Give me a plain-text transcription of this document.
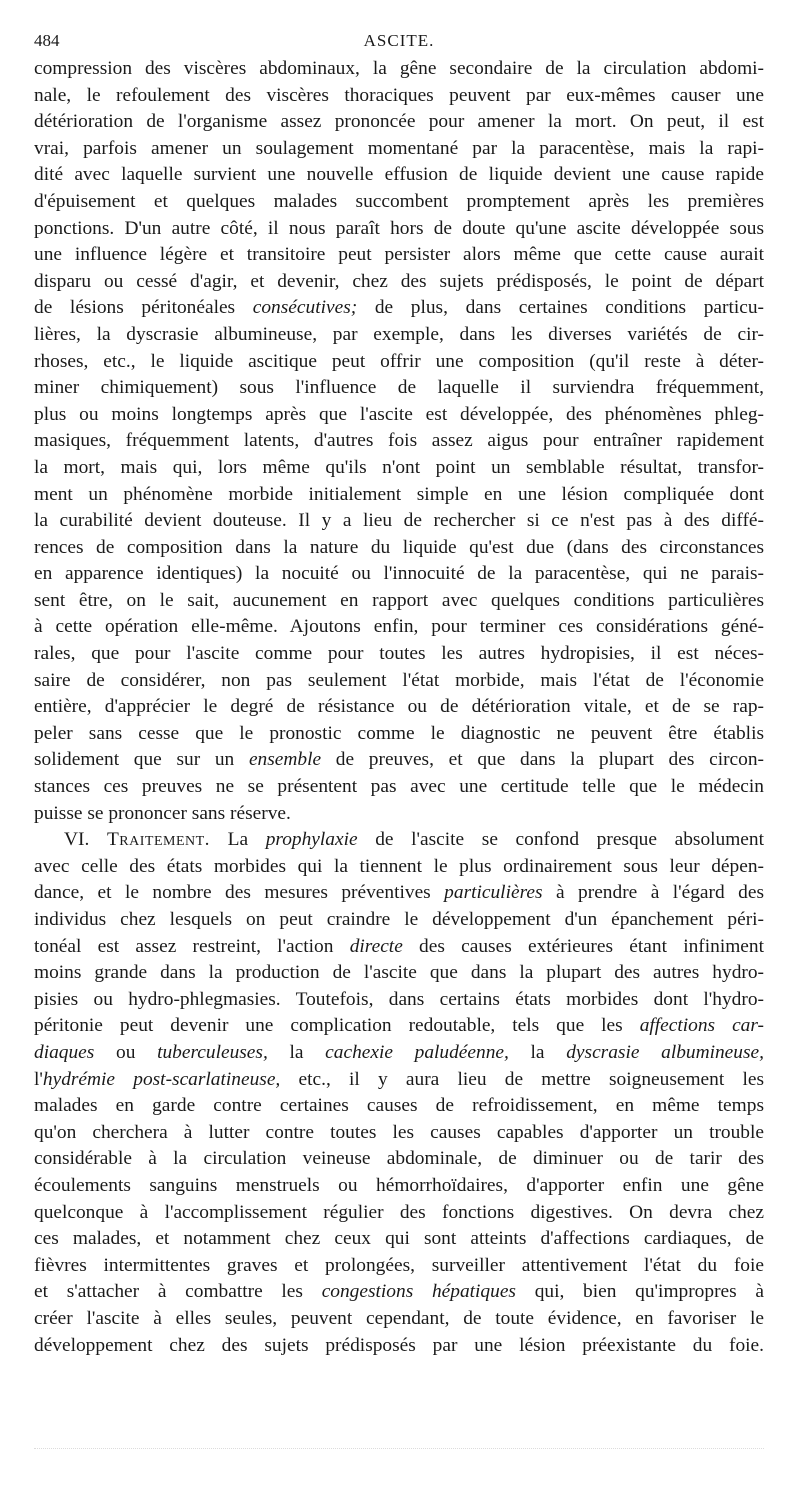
484	ASCITE.
compression des viscères abdominaux, la gêne secondaire de la circulation abdomi-
nale, le refoulement des viscères thoraciques peuvent par eux-mêmes causer une
détérioration de l'organisme assez prononcée pour amener la mort. On peut, il est
vrai, parfois amener un soulagement momentané par la paracentèse, mais la rapi-
dité avec laquelle survient une nouvelle effusion de liquide devient une cause rapide
d'épuisement et quelques malades succombent promptement après les premières
ponctions. D'un autre côté, il nous paraît hors de doute qu'une ascite développée sous
une influence légère et transitoire peut persister alors même que cette cause aurait
disparu ou cessé d'agir, et devenir, chez des sujets prédisposés, le point de départ
de lésions péritonéales consécutives; de plus, dans certaines conditions particu-
lières, la dyscrasie albumineuse, par exemple, dans les diverses variétés de cir-
rhoses, etc., le liquide ascitique peut offrir une composition (qu'il reste à déter-
miner chimiquement) sous l'influence de laquelle il surviendra fréquemment,
plus ou moins longtemps après que l'ascite est développée, des phénomènes phleg-
masiques, fréquemment latents, d'autres fois assez aigus pour entraîner rapidement
la mort, mais qui, lors même qu'ils n'ont point un semblable résultat, transfor-
ment un phénomène morbide initialement simple en une lésion compliquée dont
la curabilité devient douteuse. Il y a lieu de rechercher si ce n'est pas à des diffé-
rences de composition dans la nature du liquide qu'est due (dans des circonstances
en apparence identiques) la nocuité ou l'innocuité de la paracentèse, qui ne parais-
sent être, on le sait, aucunement en rapport avec quelques conditions particulières
à cette opération elle-même. Ajoutons enfin, pour terminer ces considérations géné-
rales, que pour l'ascite comme pour toutes les autres hydropisies, il est néces-
saire de considérer, non pas seulement l'état morbide, mais l'état de l'économie
entière, d'apprécier le degré de résistance ou de détérioration vitale, et de se rap-
peler sans cesse que le pronostic comme le diagnostic ne peuvent être établis
solidement que sur un ensemble de preuves, et que dans la plupart des circon-
stances ces preuves ne se présentent pas avec une certitude telle que le médecin
puisse se prononcer sans réserve.
VI. Traitement. La prophylaxie de l'ascite se confond presque absolument
avec celle des états morbides qui la tiennent le plus ordinairement sous leur dépen-
dance, et le nombre des mesures préventives particulières à prendre à l'égard des
individus chez lesquels on peut craindre le développement d'un épanchement péri-
tonéal est assez restreint, l'action directe des causes extérieures étant infiniment
moins grande dans la production de l'ascite que dans la plupart des autres hydro-
pisies ou hydro-phlegmasies. Toutefois, dans certains états morbides dont l'hydro-
péritonie peut devenir une complication redoutable, tels que les affections car-
diaques ou tuberculeuses, la cachexie paludéenne, la dyscrasie albumineuse,
l'hydrémie post-scarlatineuse, etc., il y aura lieu de mettre soigneusement les
malades en garde contre certaines causes de refroidissement, en même temps
qu'on cherchera à lutter contre toutes les causes capables d'apporter un trouble
considérable à la circulation veineuse abdominale, de diminuer ou de tarir des
écoulements sanguins menstruels ou hémorrhoïdaires, d'apporter enfin une gêne
quelconque à l'accomplissement régulier des fonctions digestives. On devra chez
ces malades, et notamment chez ceux qui sont atteints d'affections cardiaques, de
fièvres intermittentes graves et prolongées, surveiller attentivement l'état du foie
et s'attacher à combattre les congestions hépatiques qui, bien qu'impropres à
créer l'ascite à elles seules, peuvent cependant, de toute évidence, en favoriser le
développement chez des sujets prédisposés par une lésion préexistante du foie.
